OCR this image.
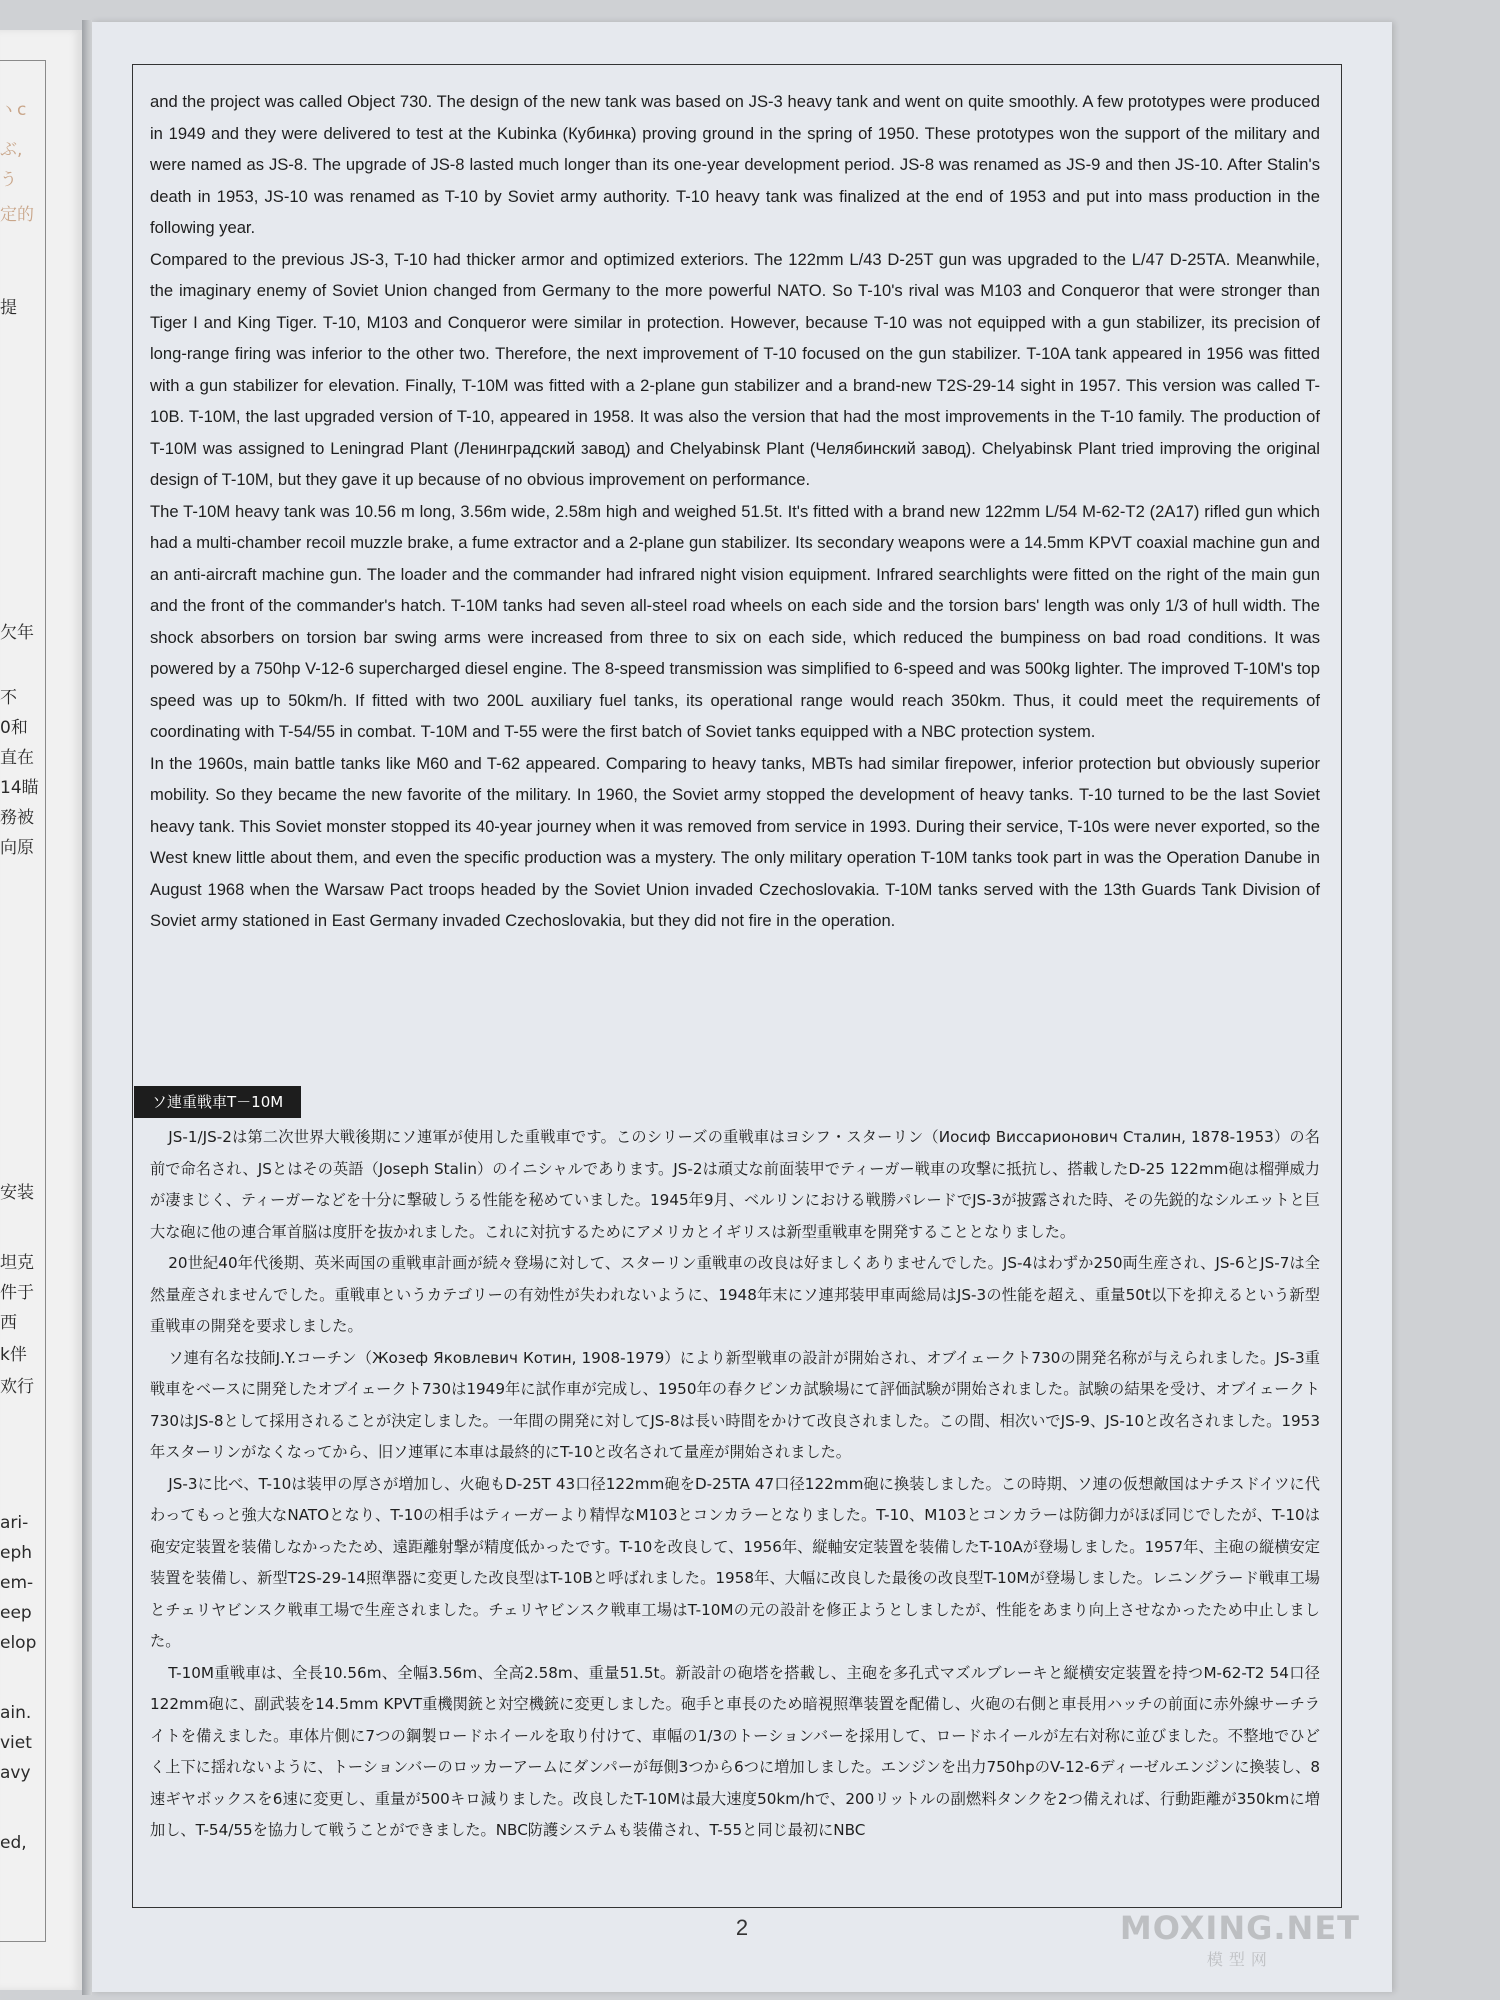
ヽc
ぶ,
う
定的
提
欠年
不
0和
直在
14瞄
務被
向原
安装
坦克
件于
西
k伴
欢行
ari-
eph
em-
eep
elop
ain.
viet
avy
ed,

and the project was called Object 730. The design of the new tank was based on JS-3 heavy tank and went on quite smoothly. A few prototypes were produced in 1949 and they were delivered to test at the Kubinka (Кубинка) proving ground in the spring of 1950. These prototypes won the support of the military and were named as JS-8. The upgrade of JS-8 lasted much longer than its one-year development period. JS-8 was renamed as JS-9 and then JS-10. After Stalin's death in 1953, JS-10 was renamed as T-10 by Soviet army authority. T-10 heavy tank was finalized at the end of 1953 and put into mass production in the following year.

Compared to the previous JS-3, T-10 had thicker armor and optimized exteriors. The 122mm L/43 D-25T gun was upgraded to the L/47 D-25TA. Meanwhile, the imaginary enemy of Soviet Union changed from Germany to the more powerful NATO. So T-10's rival was M103 and Conqueror that were stronger than Tiger I and King Tiger. T-10, M103 and Conqueror were similar in protection. However, because T-10 was not equipped with a gun stabilizer, its precision of long-range firing was inferior to the other two. Therefore, the next improvement of T-10 focused on the gun stabilizer. T-10A tank appeared in 1956 was fitted with a gun stabilizer for elevation. Finally, T-10M was fitted with a 2-plane gun stabilizer and a brand-new T2S-29-14 sight in 1957. This version was called T-10B. T-10M, the last upgraded version of T-10, appeared in 1958. It was also the version that had the most improvements in the T-10 family. The production of T-10M was assigned to Leningrad Plant (Ленинградский завод) and Chelyabinsk Plant (Челябинский завод). Chelyabinsk Plant tried improving the original design of T-10M, but they gave it up because of no obvious improvement on performance.

The T-10M heavy tank was 10.56 m long, 3.56m wide, 2.58m high and weighed 51.5t. It's fitted with a brand new 122mm L/54 M-62-T2 (2A17) rifled gun which had a multi-chamber recoil muzzle brake, a fume extractor and a 2-plane gun stabilizer. Its secondary weapons were a 14.5mm KPVT coaxial machine gun and an anti-aircraft machine gun. The loader and the commander had infrared night vision equipment. Infrared searchlights were fitted on the right of the main gun and the front of the commander's hatch. T-10M tanks had seven all-steel road wheels on each side and the torsion bars' length was only 1/3 of hull width. The shock absorbers on torsion bar swing arms were increased from three to six on each side, which reduced the bumpiness on bad road conditions. It was powered by a 750hp V-12-6 supercharged diesel engine. The 8-speed transmission was simplified to 6-speed and was 500kg lighter. The improved T-10M's top speed was up to 50km/h. If fitted with two 200L auxiliary fuel tanks, its operational range would reach 350km. Thus, it could meet the requirements of coordinating with T-54/55 in combat. T-10M and T-55 were the first batch of Soviet tanks equipped with a NBC protection system.

In the 1960s, main battle tanks like M60 and T-62 appeared. Comparing to heavy tanks, MBTs had similar firepower, inferior protection but obviously superior mobility. So they became the new favorite of the military. In 1960, the Soviet army stopped the development of heavy tanks. T-10 turned to be the last Soviet heavy tank. This Soviet monster stopped its 40-year journey when it was removed from service in 1993. During their service, T-10s were never exported, so the West knew little about them, and even the specific production was a mystery. The only military operation T-10M tanks took part in was the Operation Danube in August 1968 when the Warsaw Pact troops headed by the Soviet Union invaded Czechoslovakia. T-10M tanks served with the 13th Guards Tank Division of Soviet army stationed in East Germany invaded Czechoslovakia, but they did not fire in the operation.

ソ連重戦車T－10M

JS-1/JS-2は第二次世界大戦後期にソ連軍が使用した重戦車です。このシリーズの重戦車はヨシフ・スターリン（Иосиф Виссарионович Сталин, 1878-1953）の名前で命名され、JSとはその英語（Joseph Stalin）のイニシャルであります。JS-2は頑丈な前面装甲でティーガー戦車の攻撃に抵抗し、搭載したD-25 122mm砲は榴弾威力が凄まじく、ティーガーなどを十分に撃破しうる性能を秘めていました。1945年9月、ベルリンにおける戦勝パレードでJS-3が披露された時、その先鋭的なシルエットと巨大な砲に他の連合軍首脳は度肝を抜かれました。これに対抗するためにアメリカとイギリスは新型重戦車を開発することとなりました。

20世紀40年代後期、英米両国の重戦車計画が続々登場に対して、スターリン重戦車の改良は好ましくありませんでした。JS-4はわずか250両生産され、JS-6とJS-7は全然量産されませんでした。重戦車というカテゴリーの有効性が失われないように、1948年末にソ連邦装甲車両総局はJS-3の性能を超え、重量50t以下を抑えるという新型重戦車の開発を要求しました。

ソ連有名な技師J.Y.コーチン（Жозеф Яковлевич Котин, 1908-1979）により新型戦車の設計が開始され、オブイェークト730の開発名称が与えられました。JS-3重戦車をベースに開発したオブイェークト730は1949年に試作車が完成し、1950年の春クビンカ試験場にて評価試験が開始されました。試験の結果を受け、オブイェークト730はJS-8として採用されることが決定しました。一年間の開発に対してJS-8は長い時間をかけて改良されました。この間、相次いでJS-9、JS-10と改名されました。1953年スターリンがなくなってから、旧ソ連軍に本車は最終的にT-10と改名されて量産が開始されました。

JS-3に比べ、T-10は装甲の厚さが増加し、火砲もD-25T 43口径122mm砲をD-25TA 47口径122mm砲に換装しました。この時期、ソ連の仮想敵国はナチスドイツに代わってもっと強大なNATOとなり、T-10の相手はティーガーより精悍なM103とコンカラーとなりました。T-10、M103とコンカラーは防御力がほぼ同じでしたが、T-10は砲安定装置を装備しなかったため、遠距離射撃が精度低かったです。T-10を改良して、1956年、縦軸安定装置を装備したT-10Aが登場しました。1957年、主砲の縦横安定装置を装備し、新型T2S-29-14照準器に変更した改良型はT-10Bと呼ばれました。1958年、大幅に改良した最後の改良型T-10Mが登場しました。レニングラード戦車工場とチェリヤビンスク戦車工場で生産されました。チェリヤビンスク戦車工場はT-10Mの元の設計を修正ようとしましたが、性能をあまり向上させなかったため中止しました。

T-10M重戦車は、全長10.56m、全幅3.56m、全高2.58m、重量51.5t。新設計の砲塔を搭載し、主砲を多孔式マズルブレーキと縦横安定装置を持つM-62-T2 54口径122mm砲に、副武装を14.5mm KPVT重機関銃と対空機銃に変更しました。砲手と車長のため暗視照準装置を配備し、火砲の右側と車長用ハッチの前面に赤外線サーチライトを備えました。車体片側に7つの鋼製ロードホイールを取り付けて、車幅の1/3のトーションバーを採用して、ロードホイールが左右対称に並びました。不整地でひどく上下に揺れないように、トーションバーのロッカーアームにダンパーが毎側3つから6つに増加しました。エンジンを出力750hpのV-12-6ディーゼルエンジンに換装し、8速ギヤボックスを6速に変更し、重量が500キロ減りました。改良したT-10Mは最大速度50km/hで、200リットルの副燃料タンクを2つ備えれば、行動距離が350kmに増加し、T-54/55を協力して戦うことができました。NBC防護システムも装備され、T-55と同じ最初にNBC

2	MOXING.NET
模型网
